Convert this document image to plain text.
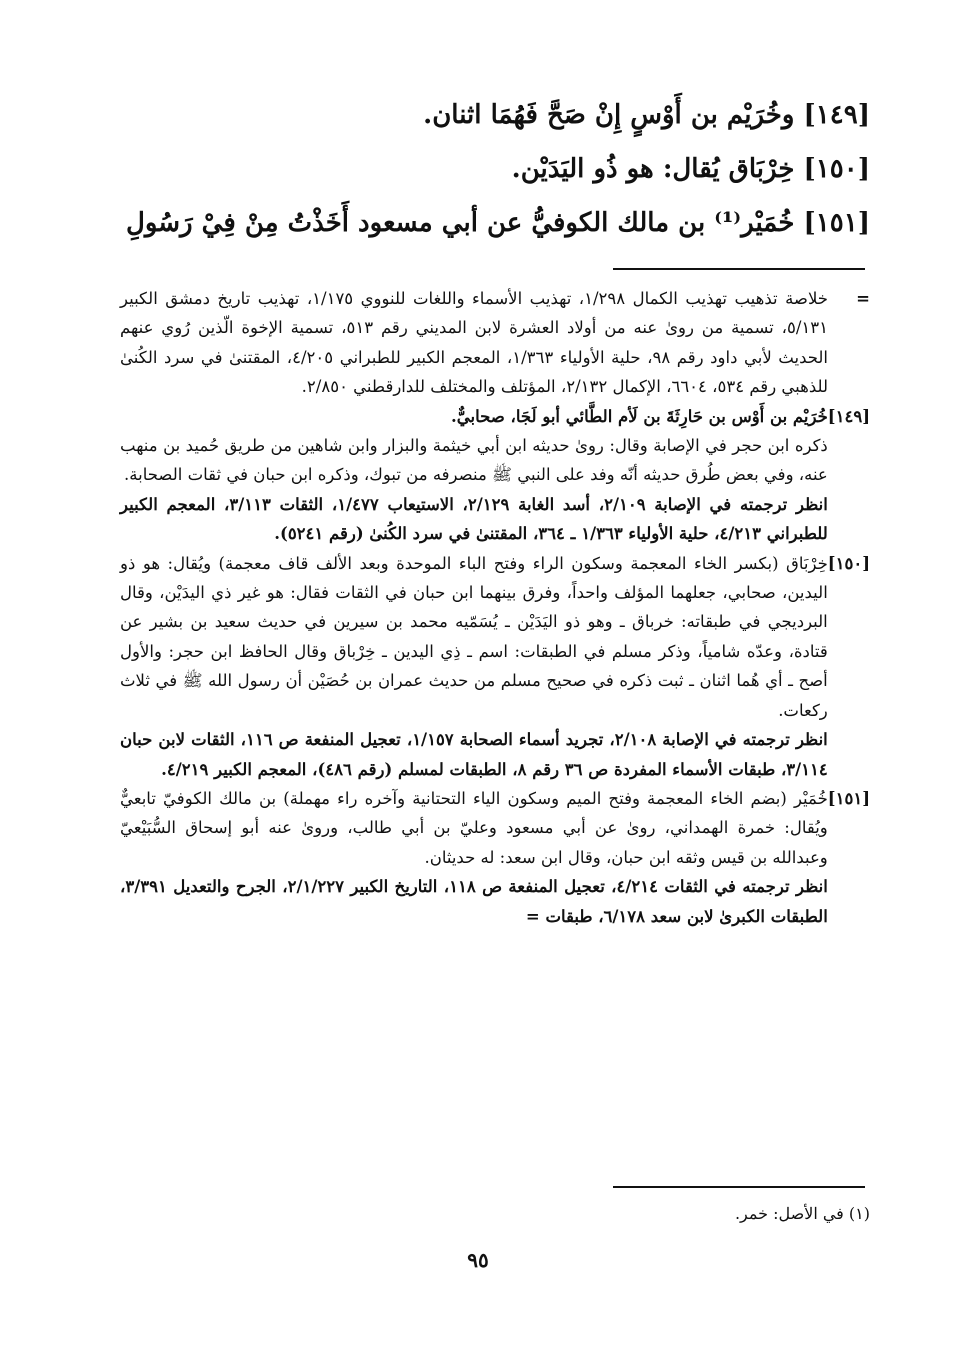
[١٤٩] وخُرَيْم بن أَوْسٍ إِنْ صَحَّ فَهُمَا اثنان.

[١٥٠] خِرْبَاق يُقال: هو ذُو اليَدَيْن.

[١٥١] خُمَيْر⁽¹⁾ بن مالك الكوفيُّ عن أبي مسعود أَخَذْتُ مِنْ فِيْ رَسُولِ

=

خلاصة تذهيب تهذيب الكمال ١/٢٩٨، تهذيب الأسماء واللغات للنووي ١/١٧٥، تهذيب تاريخ دمشق الكبير ٥/١٣١، تسمية من روىٰ عنه من أولاد العشرة لابن المديني رقم ٥١٣، تسمية الإخوة الّذين رُوي عنهم الحديث لأبي داود رقم ٩٨، حلية الأولياء ١/٣٦٣، المعجم الكبير للطبراني ٤/٢٠٥، المقتنىٰ في سرد الكُنىٰ للذهبي رقم ٥٣٤، ٦٦٠٤، الإكمال ٢/١٣٢، المؤتلف والمختلف للدارقطني ٢/٨٥٠.

[١٤٩]

خُرَيْم بن أَوْس بن حَارِثَةَ بن لَأم الطَّائي أبو لَجَا، صحابيٌّ.

ذكره ابن حجر في الإصابة وقال: روىٰ حديثه ابن أبي خيثمة والبزار وابن شاهين من طريق حُميد بن منهب عنه، وفي بعض طُرق حديثه أنّه وفد على النبي ﷺ منصرفه من تبوك، وذكره ابن حبان في ثقات الصحابة.

انظر ترجمته في الإصابة ٢/١٠٩، أسد الغابة ٢/١٢٩، الاستيعاب ١/٤٧٧، الثقات ٣/١١٣، المعجم الكبير للطبراني ٤/٢١٣، حلية الأولياء ١/٣٦٣ ـ ٣٦٤، المقتنىٰ في سرد الكُنىٰ (رقم ٥٢٤١).

[١٥٠]

خِرْبَاق (بكسر الخاء المعجمة وسكون الراء وفتح الباء الموحدة وبعد الألف قاف معجمة) ويُقال: هو ذو اليدين، صحابي، جعلهما المؤلف واحداً، وفرق بينهما ابن حبان في الثقات فقال: هو غير ذي اليدَيْن، وقال البرديجي في طبقاته: خرباق ـ وهو ذو اليَدَيْن ـ يُسَمّيه محمد بن سيرين في حديث سعيد بن بشير عن قتادة، وعدّه شامياً، وذكر مسلم في الطبقات: اسم ـ ذِي اليدين ـ خِرْباق وقال الحافظ ابن حجر: والأول أصح ـ أي هُما اثنان ـ ثبت ذكره في صحيح مسلم من حديث عمران بن حُصَيْن أن رسول الله ﷺ في ثلاث ركعات.

انظر ترجمته في الإصابة ٢/١٠٨، تجريد أسماء الصحابة ١/١٥٧، تعجيل المنفعة ص ١١٦، الثقات لابن حبان ٣/١١٤، طبقات الأسماء المفردة ص ٣٦ رقم ٨، الطبقات لمسلم (رقم ٤٨٦)، المعجم الكبير ٤/٢١٩.

[١٥١]

خُمَيْر (بضم الخاء المعجمة وفتح الميم وسكون الياء التحتانية وآخره راء مهملة) بن مالك الكوفيّ تابعيٌّ ويُقال: خمرة الهمداني، روىٰ عن أبي مسعود وعليّ بن أبي طالب، وروىٰ عنه أبو إسحاق السُّبَيْعيّ وعبدالله بن قيس وثقه ابن حبان، وقال ابن سعد: له حديثان.

انظر ترجمته في الثقات ٤/٢١٤، تعجيل المنفعة ص ١١٨، التاريخ الكبير ٢/١/٢٢٧، الجرح والتعديل ٣/٣٩١، الطبقات الكبرىٰ لابن سعد ٦/١٧٨، طبقات =

(١) في الأصل: خمر.
٩٥
